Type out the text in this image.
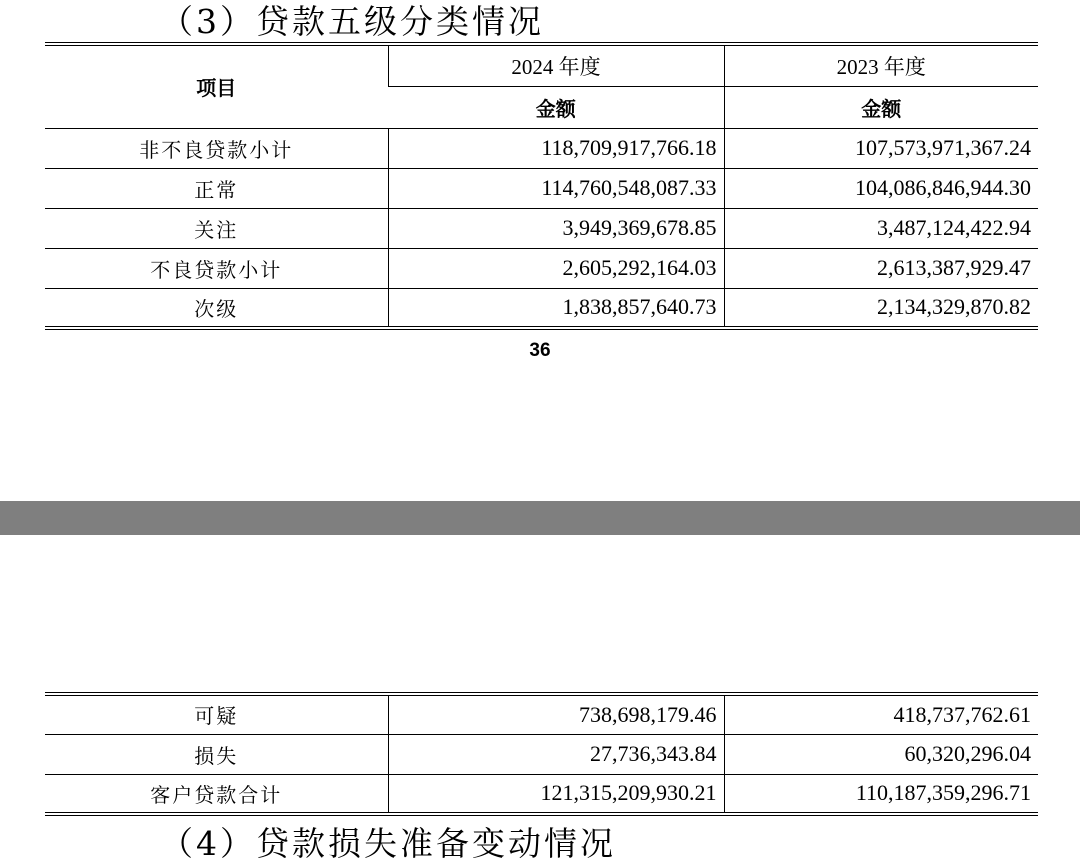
（3）贷款五级分类情况
项目	2024 年度	2023 年度
	金额	金额
非不良贷款小计	118,709,917,766.18	107,573,971,367.24
正常	114,760,548,087.33	104,086,846,944.30
关注	3,949,369,678.85	3,487,124,422.94
不良贷款小计	2,605,292,164.03	2,613,387,929.47
次级	1,838,857,640.73	2,134,329,870.82
36
可疑	738,698,179.46	418,737,762.61
损失	27,736,343.84	60,320,296.04
客户贷款合计	121,315,209,930.21	110,187,359,296.71
（4）贷款损失准备变动情况
